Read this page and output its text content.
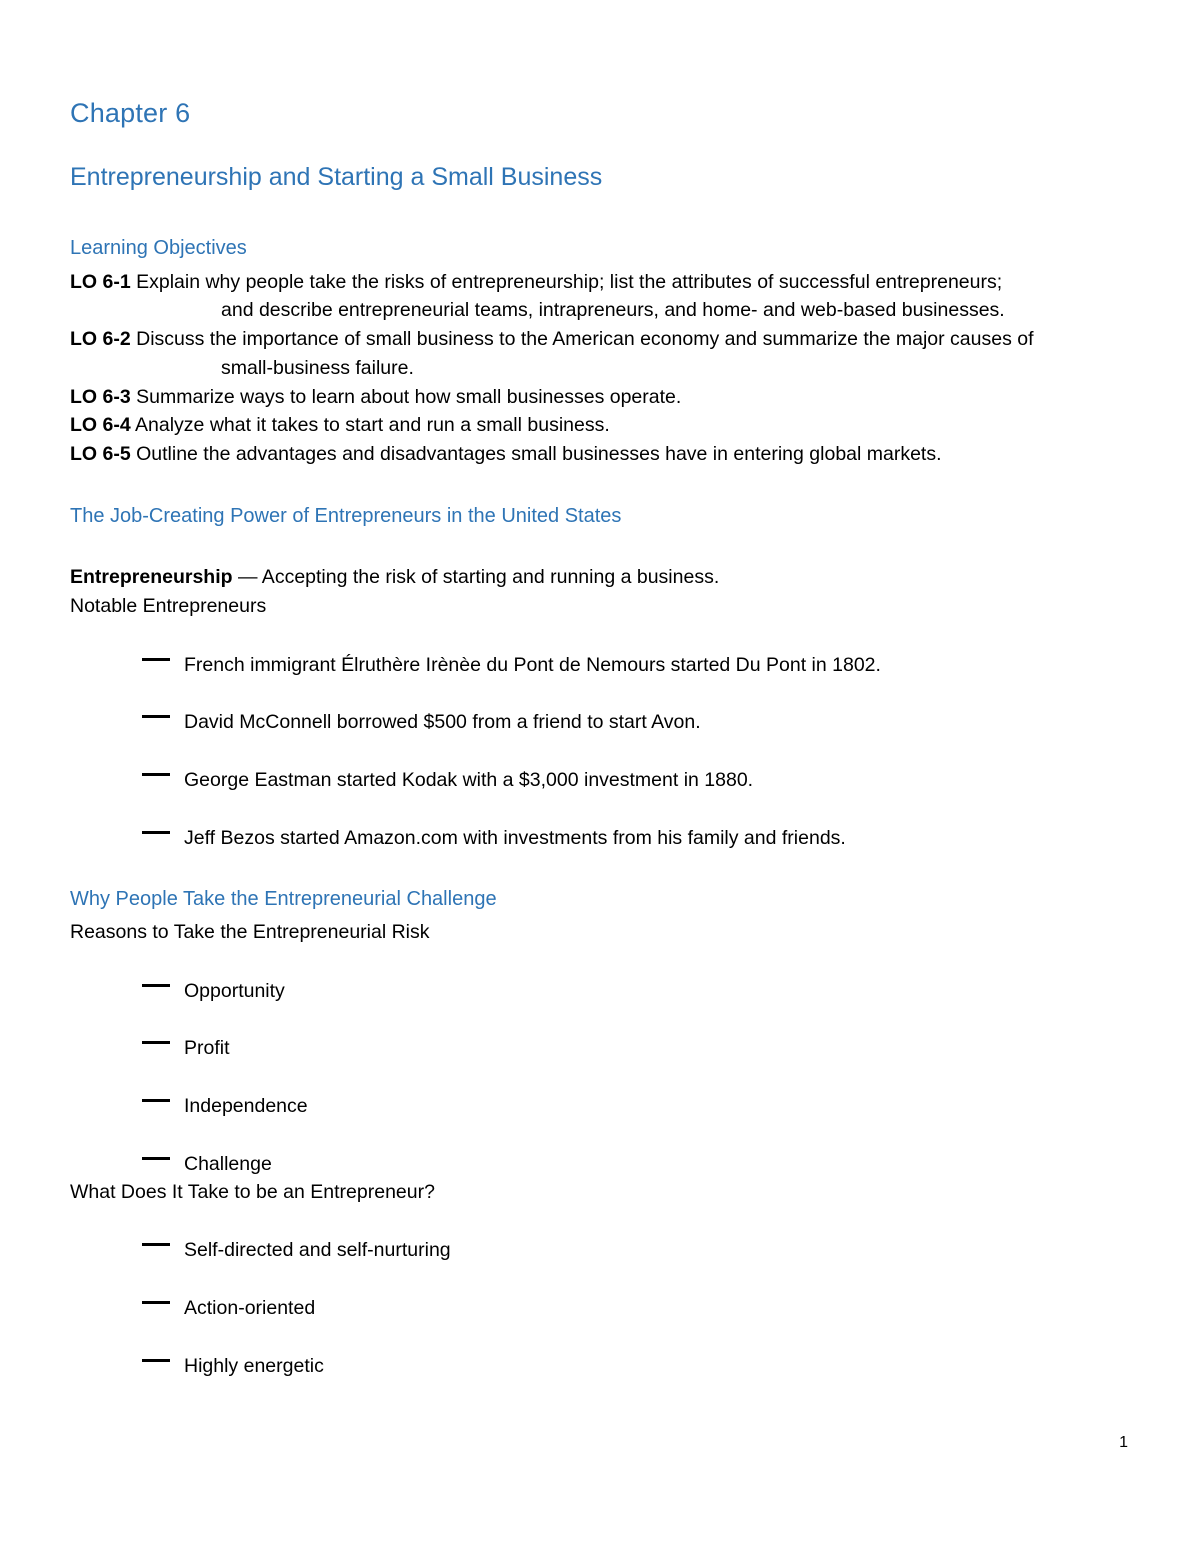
Chapter 6
Entrepreneurship and Starting a Small Business
Learning Objectives
LO 6-1 Explain why people take the risks of entrepreneurship; list the attributes of successful entrepreneurs;
and describe entrepreneurial teams, intrapreneurs, and home- and web-based businesses.
LO 6-2 Discuss the importance of small business to the American economy and summarize the major causes of
small-business failure.
LO 6-3 Summarize ways to learn about how small businesses operate.
LO 6-4 Analyze what it takes to start and run a small business.
LO 6-5 Outline the advantages and disadvantages small businesses have in entering global markets.
The Job-Creating Power of Entrepreneurs in the United States
Entrepreneurship — Accepting the risk of starting and running a business.
Notable Entrepreneurs
French immigrant Élruthère Irènèe du Pont de Nemours started Du Pont in 1802.
David McConnell borrowed $500 from a friend to start Avon.
George Eastman started Kodak with a $3,000 investment in 1880.
Jeff Bezos started Amazon.com with investments from his family and friends.
Why People Take the Entrepreneurial Challenge
Reasons to Take the Entrepreneurial Risk
Opportunity
Profit
Independence
Challenge
What Does It Take to be an Entrepreneur?
Self-directed and self-nurturing
Action-oriented
Highly energetic
1
